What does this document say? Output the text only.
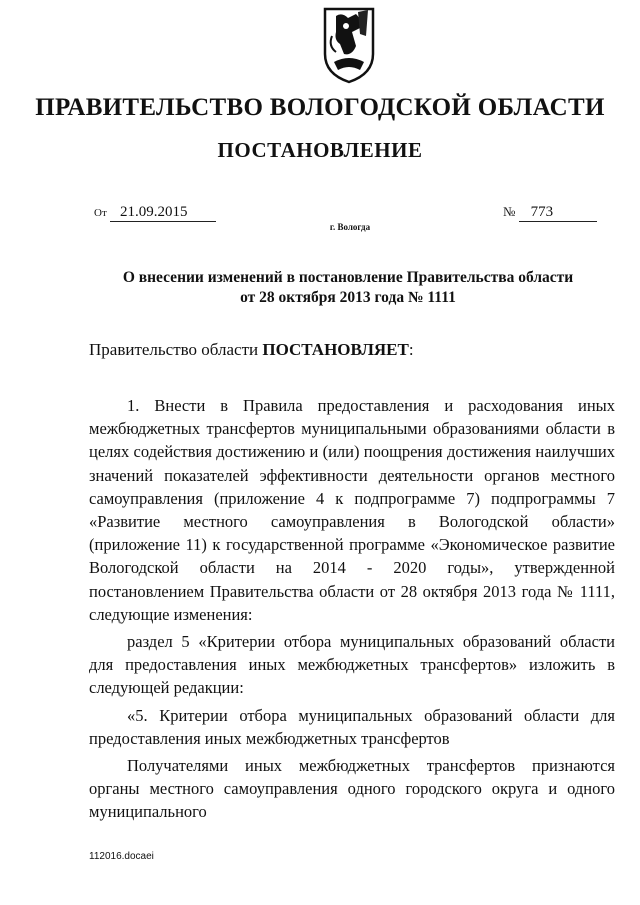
ПРАВИТЕЛЬСТВО ВОЛОГОДСКОЙ ОБЛАСТИ
ПОСТАНОВЛЕНИЕ
От 21.09.2015	№ 773
г. Вологда
О внесении изменений в постановление Правительства области
от 28 октября 2013 года № 1111
Правительство области ПОСТАНОВЛЯЕТ:

1. Внести в Правила предоставления и расходования иных межбюджетных трансфертов муниципальными образованиями области в целях содействия достижению и (или) поощрения достижения наилучших значений показателей эффективности деятельности органов местного самоуправления (приложение 4 к подпрограмме 7) подпрограммы 7 «Развитие местного самоуправления в Вологодской области» (приложение 11) к государственной программе «Экономическое развитие Вологодской области на 2014 - 2020 годы», утвержденной постановлением Правительства области от 28 октября 2013 года № 1111, следующие изменения:

раздел 5 «Критерии отбора муниципальных образований области для предоставления иных межбюджетных трансфертов» изложить в следующей редакции:

«5. Критерии отбора муниципальных образований области для предоставления иных межбюджетных трансфертов

Получателями иных межбюджетных трансфертов признаются органы местного самоуправления одного городского округа и одного муниципального

112016.docaei
